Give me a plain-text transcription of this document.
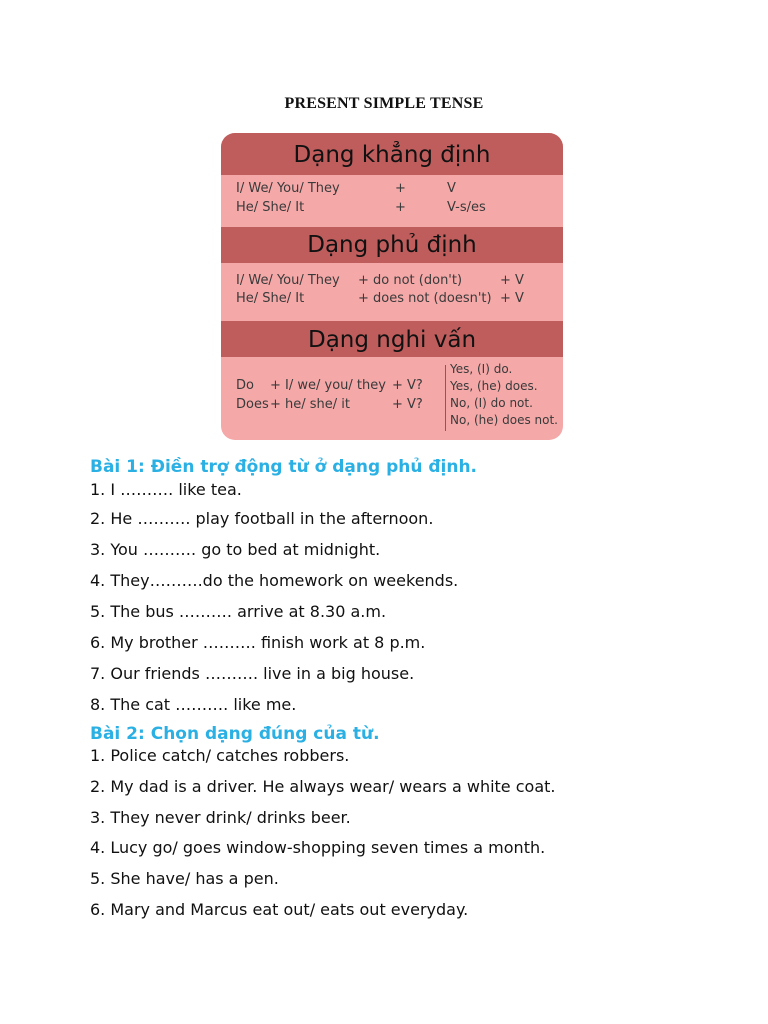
PRESENT SIMPLE TENSE
Dạng khẳng định
I/ We/ You/ They	+	V
He/ She/ It	+	V-s/es
Dạng phủ định
I/ We/ You/ They + do not (don't)	+ V
He/ She/ It	+ does not (doesn't) + V
Dạng nghi vấn
Do + I/ we/ you/ they + V?
Does + he/ she/ it	+ V?
Yes, (I) do.
Yes, (he) does.
No, (I) do not.
No, (he) does not.
Bài 1: Điền trợ động từ ở dạng phủ định.
1. I ………. like tea.
2. He ………. play football in the afternoon.
3. You ………. go to bed at midnight.
4. They……….do the homework on weekends.
5. The bus ………. arrive at 8.30 a.m.
6. My brother ………. finish work at 8 p.m.
7. Our friends ………. live in a big house.
8. The cat ………. like me.
Bài 2: Chọn dạng đúng của từ.
1. Police catch/ catches robbers.
2. My dad is a driver. He always wear/ wears a white coat.
3. They never drink/ drinks beer.
4. Lucy go/ goes window-shopping seven times a month.
5. She have/ has a pen.
6. Mary and Marcus eat out/ eats out everyday.
